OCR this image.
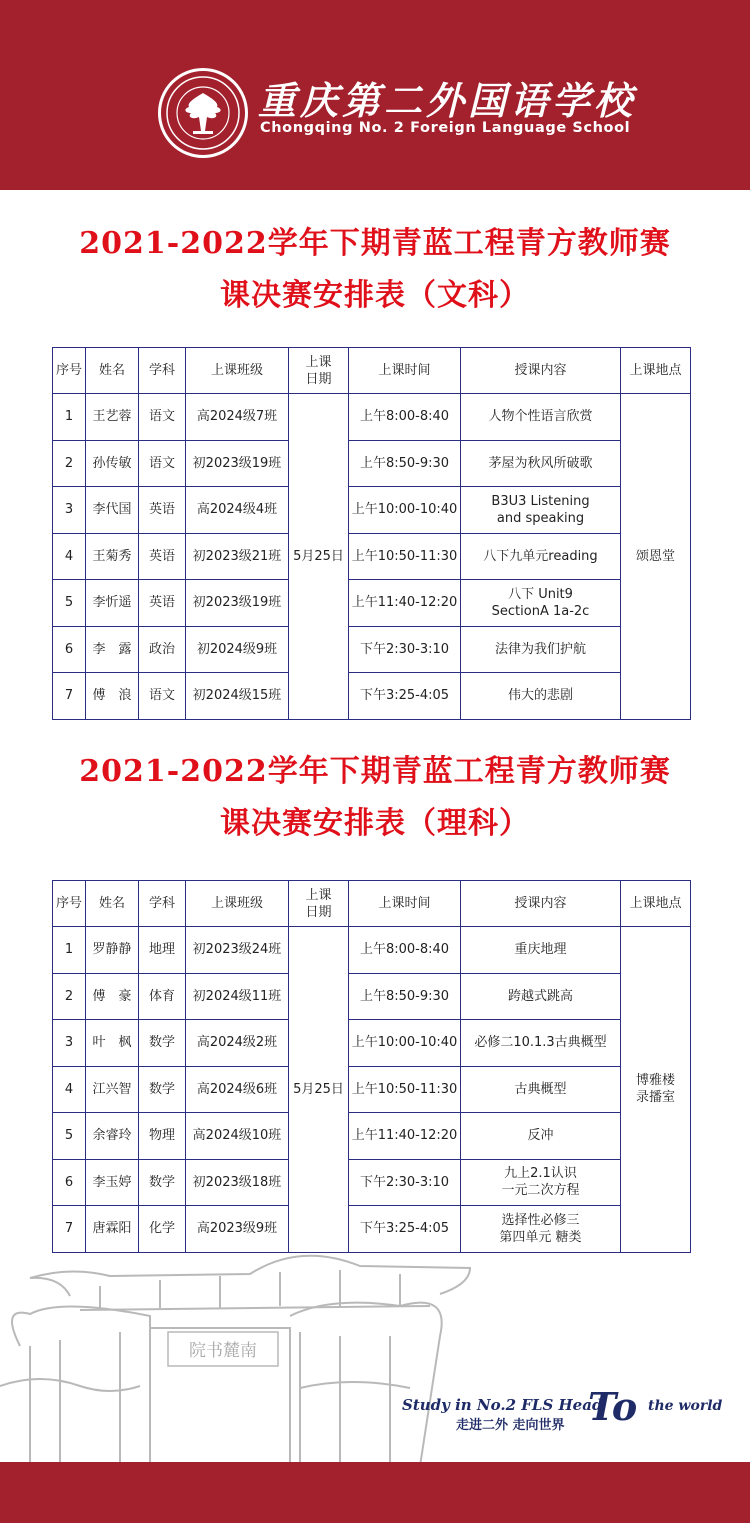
重庆第二外国语学校
Chongqing No. 2 Foreign Language School
2021-2022学年下期青蓝工程青方教师赛
课决赛安排表（文科）
序号	姓名	学科	上课班级	上课
日期	上课时间	授课内容	上课地点
1	王艺蓉	语文	高2024级7班	5月25日	上午8:00-8:40	人物个性语言欣赏	颂恩堂
2	孙传敏	语文	初2023级19班		上午8:50-9:30	茅屋为秋风所破歌	
3	李代国	英语	高2024级4班		上午10:00-10:40	B3U3 Listening
and speaking	
4	王菊秀	英语	初2023级21班		上午10:50-11:30	八下九单元reading	
5	李忻遥	英语	初2023级19班		上午11:40-12:20	八下 Unit9
SectionA 1a-2c	
6	李　露	政治	初2024级9班		下午2:30-3:10	法律为我们护航	
7	傅　浪	语文	初2024级15班		下午3:25-4:05	伟大的悲剧	
2021-2022学年下期青蓝工程青方教师赛
课决赛安排表（理科）
序号	姓名	学科	上课班级	上课
日期	上课时间	授课内容	上课地点
1	罗静静	地理	初2023级24班	5月25日	上午8:00-8:40	重庆地理	博雅楼
录播室
2	傅　豪	体育	初2024级11班		上午8:50-9:30	跨越式跳高	
3	叶　枫	数学	高2024级2班		上午10:00-10:40	必修二10.1.3古典概型	
4	江兴智	数学	高2024级6班		上午10:50-11:30	古典概型	
5	余睿玲	物理	高2024级10班		上午11:40-12:20	反冲	
6	李玉婷	数学	初2023级18班		下午2:30-3:10	九上2.1认识
一元二次方程	
7	唐霖阳	化学	高2023级9班		下午3:25-4:05	选择性必修三
第四单元 糖类	
院书麓南
Study in No.2 FLS Head
走进二外 走向世界 To the world
